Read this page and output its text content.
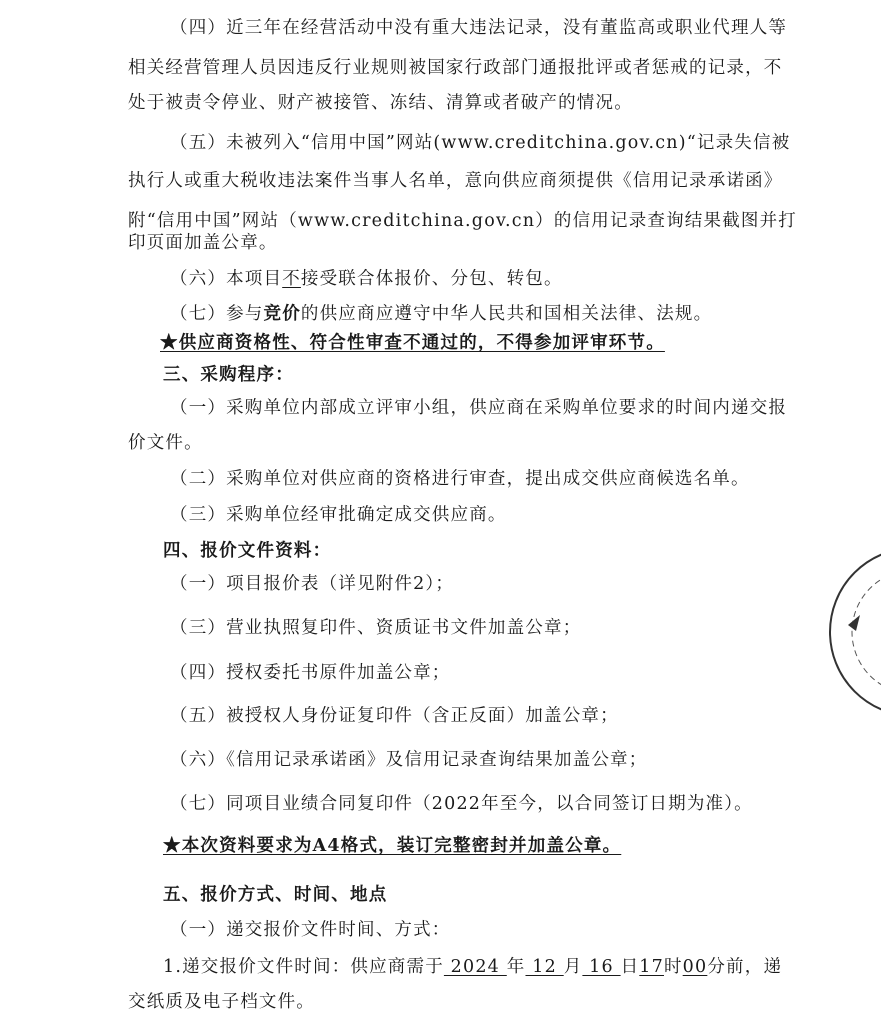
（四）近三年在经营活动中没有重大违法记录，没有董监高或职业代理人等
相关经营管理人员因违反行业规则被国家行政部门通报批评或者惩戒的记录，不
处于被责令停业、财产被接管、冻结、清算或者破产的情况。
（五）未被列入“信用中国”网站(www.creditchina.gov.cn)“记录失信被
执行人或重大税收违法案件当事人名单，意向供应商须提供《信用记录承诺函》
附“信用中国”网站（www.creditchina.gov.cn）的信用记录查询结果截图并打
印页面加盖公章。
（六）本项目不接受联合体报价、分包、转包。
（七）参与竞价的供应商应遵守中华人民共和国相关法律、法规。
★供应商资格性、符合性审查不通过的，不得参加评审环节。
三、采购程序：
（一）采购单位内部成立评审小组，供应商在采购单位要求的时间内递交报
价文件。
（二）采购单位对供应商的资格进行审查，提出成交供应商候选名单。
（三）采购单位经审批确定成交供应商。
四、报价文件资料：
（一）项目报价表（详见附件2）；
（三）营业执照复印件、资质证书文件加盖公章；
（四）授权委托书原件加盖公章；
（五）被授权人身份证复印件（含正反面）加盖公章；
（六）《信用记录承诺函》及信用记录查询结果加盖公章；
（七）同项目业绩合同复印件（2022年至今，以合同签订日期为准）。
★本次资料要求为A4格式，装订完整密封并加盖公章。
五、报价方式、时间、地点
（一）递交报价文件时间、方式：
1.递交报价文件时间：供应商需于 2024 年 12 月 16 日17时00分前，递
交纸质及电子档文件。
